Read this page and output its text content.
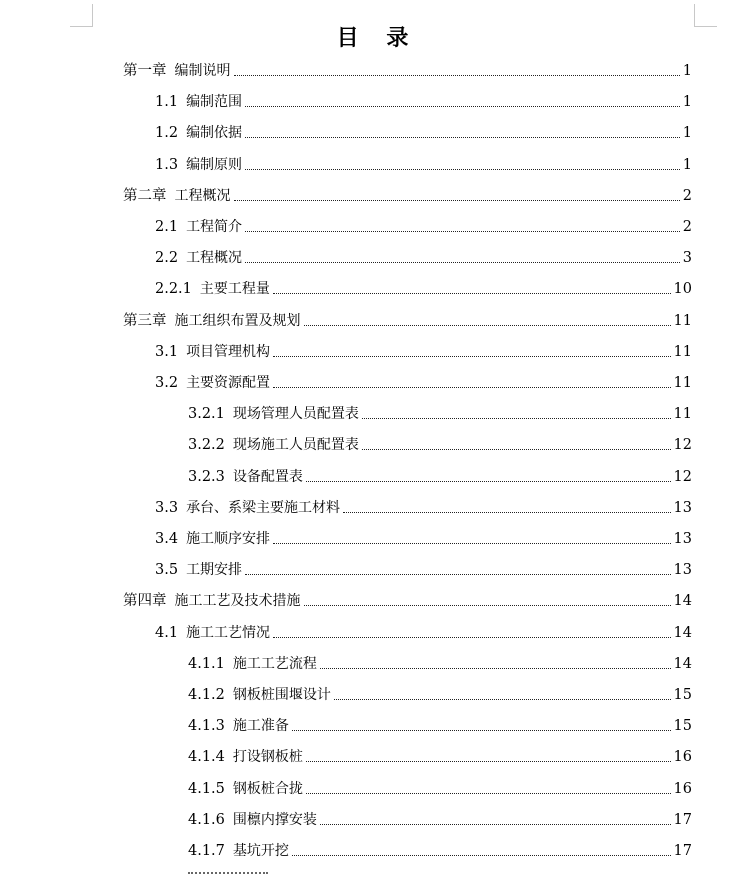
目 录
第一章 编制说明	1
1.1 编制范围	1
1.2 编制依据	1
1.3 编制原则	1
第二章 工程概况	2
2.1 工程简介	2
2.2 工程概况	3
2.2.1 主要工程量	10
第三章 施工组织布置及规划	11
3.1 项目管理机构	11
3.2 主要资源配置	11
3.2.1 现场管理人员配置表	11
3.2.2 现场施工人员配置表	12
3.2.3 设备配置表	12
3.3 承台、系梁主要施工材料	13
3.4 施工顺序安排	13
3.5 工期安排	13
第四章 施工工艺及技术措施	14
4.1 施工工艺情况	14
4.1.1 施工工艺流程	14
4.1.2 钢板桩围堰设计	15
4.1.3 施工准备	15
4.1.4 打设钢板桩	16
4.1.5 钢板桩合拢	16
4.1.6 围檩内撑安装	17
4.1.7 基坑开挖	17
